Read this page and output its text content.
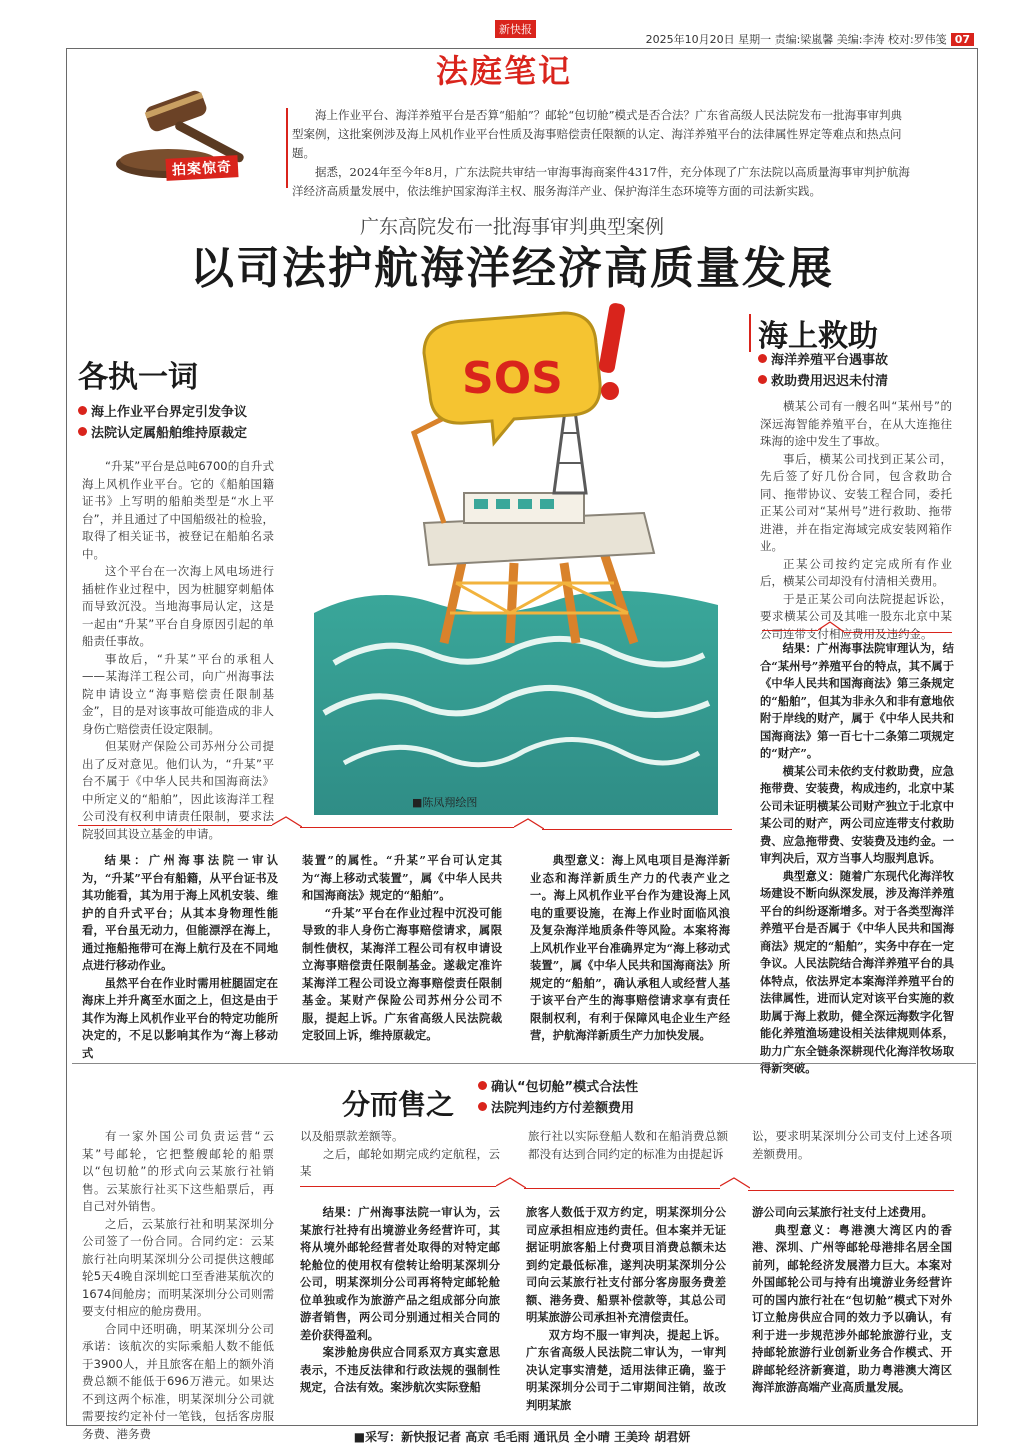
新快报
2025年10月20日 星期一 责编:梁嵐馨 美编:李涛 校对:罗伟笺 07
法庭笔记
拍案惊奇

海上作业平台、海洋养殖平台是否算“船舶”？邮轮“包切舱”模式是否合法？广东省高级人民法院发布一批海事审判典型案例，这批案例涉及海上风机作业平台性质及海事赔偿责任限额的认定、海洋养殖平台的法律属性界定等难点和热点问题。

据悉，2024年至今年8月，广东法院共审结一审海事海商案件4317件，充分体现了广东法院以高质量海事审判护航海洋经济高质量发展中，依法维护国家海洋主权、服务海洋产业、保护海洋生态环境等方面的司法新实践。

广东高院发布一批海事审判典型案例
以司法护航海洋经济高质量发展
各执一词
海上作业平台界定引发争议
法院认定属船舶维持原裁定

“升某”平台是总吨6700的自升式海上风机作业平台。它的《船舶国籍证书》上写明的船舶类型是“水上平台”，并且通过了中国船级社的检验，取得了相关证书，被登记在船舶名录中。

这个平台在一次海上风电场进行插桩作业过程中，因为桩腿穿刺船体而导致沉没。当地海事局认定，这是一起由“升某”平台自身原因引起的单船责任事故。

事故后，“升某”平台的承租人——某海洋工程公司，向广州海事法院申请设立“海事赔偿责任限制基金”，目的是对该事故可能造成的非人身伤亡赔偿责任设定限制。

但某财产保险公司苏州分公司提出了反对意见。他们认为，“升某”平台不属于《中华人民共和国海商法》中所定义的“船舶”，因此该海洋工程公司没有权利申请责任限制，要求法院驳回其设立基金的申请。

SOS
■陈凤翔绘图

结果：广州海事法院一审认为，“升某”平台有船籍，从平台证书及其功能看，其为用于海上风机安装、维护的自升式平台；从其本身物理性能看，平台虽无动力，但能漂浮在海上，通过拖船拖带可在海上航行及在不同地点进行移动作业。

虽然平台在作业时需用桩腿固定在海床上并升离至水面之上，但这是由于其作为海上风机作业平台的特定功能所决定的，不足以影响其作为“海上移动式

装置”的属性。“升某”平台可认定其为“海上移动式装置”，属《中华人民共和国海商法》规定的“船舶”。

“升某”平台在作业过程中沉没可能导致的非人身伤亡海事赔偿请求，属限制性债权，某海洋工程公司有权申请设立海事赔偿责任限制基金。遂裁定准许某海洋工程公司设立海事赔偿责任限制基金。某财产保险公司苏州分公司不服，提起上诉。广东省高级人民法院裁定驳回上诉，维持原裁定。

典型意义：海上风电项目是海洋新业态和海洋新质生产力的代表产业之一。海上风机作业平台作为建设海上风电的重要设施，在海上作业时面临风浪及复杂海洋地质条件等风险。本案将海上风机作业平台准确界定为“海上移动式装置”，属《中华人民共和国海商法》所规定的“船舶”，确认承租人或经营人基于该平台产生的海事赔偿请求享有责任限制权利，有利于保障风电企业生产经营，护航海洋新质生产力加快发展。

海上救助
海洋养殖平台遇事故
救助费用迟迟未付清

横某公司有一艘名叫“某州号”的深远海智能养殖平台，在从大连拖往珠海的途中发生了事故。

事后，横某公司找到正某公司，先后签了好几份合同，包含救助合同、拖带协议、安装工程合同，委托正某公司对“某州号”进行救助、拖带进港，并在指定海域完成安装网箱作业。

正某公司按约定完成所有作业后，横某公司却没有付清相关费用。

于是正某公司向法院提起诉讼，要求横某公司及其唯一股东北京中某公司连带支付相应费用及违约金。

结果：广州海事法院审理认为，结合“某州号”养殖平台的特点，其不属于《中华人民共和国海商法》第三条规定的“船舶”，但其为非永久和非有意地依附于岸线的财产，属于《中华人民共和国海商法》第一百七十二条第二项规定的“财产”。

横某公司未依约支付救助费，应急拖带费、安装费，构成违约，北京中某公司未证明横某公司财产独立于北京中某公司的财产，两公司应连带支付救助费、应急拖带费、安装费及违约金。一审判决后，双方当事人均服判息诉。

典型意义：随着广东现代化海洋牧场建设不断向纵深发展，涉及海洋养殖平台的纠纷逐渐增多。对于各类型海洋养殖平台是否属于《中华人民共和国海商法》规定的“船舶”，实务中存在一定争议。人民法院结合海洋养殖平台的具体特点，依法界定本案海洋养殖平台的法律属性，进而认定对该平台实施的救助属于海上救助，健全深远海数字化智能化养殖渔场建设相关法律规则体系，助力广东全链条深耕现代化海洋牧场取得新突破。

分而售之
确认“包切舱”模式合法性
法院判违约方付差额费用

有一家外国公司负责运营“云某”号邮轮，它把整艘邮轮的船票以“包切舱”的形式向云某旅行社销售。云某旅行社买下这些船票后，再自己对外销售。

之后，云某旅行社和明某深圳分公司签了一份合同。合同约定：云某旅行社向明某深圳分公司提供这艘邮轮5天4晚自深圳蛇口至香港某航次的1674间舱房；而明某深圳分公司则需要支付相应的舱房费用。

合同中还明确，明某深圳分公司承诺：该航次的实际乘船人数不能低于3900人，并且旅客在船上的额外消费总额不能低于696万港元。如果达不到这两个标准，明某深圳分公司就需要按约定补付一笔钱，包括客房服务费、港务费

以及船票款差额等。

之后，邮轮如期完成约定航程，云某

旅行社以实际登船人数和在船消费总额都没有达到合同约定的标准为由提起诉

讼，要求明某深圳分公司支付上述各项差额费用。

结果：广州海事法院一审认为，云某旅行社持有出境游业务经营许可，其将从境外邮轮经营者处取得的对特定邮轮舱位的使用权有偿转让给明某深圳分公司，明某深圳分公司再将特定邮轮舱位单独或作为旅游产品之组成部分向旅游者销售，两公司分别通过相关合同的差价获得盈利。

案涉舱房供应合同系双方真实意思表示，不违反法律和行政法规的强制性规定，合法有效。案涉航次实际登船

旅客人数低于双方约定，明某深圳分公司应承担相应违约责任。但本案并无证据证明旅客船上付费项目消费总额未达到约定最低标准，遂判决明某深圳分公司向云某旅行社支付部分客房服务费差额、港务费、船票补偿款等，其总公司明某旅游公司承担补充清偿责任。

双方均不服一审判决，提起上诉。广东省高级人民法院二审认为，一审判决认定事实清楚，适用法律正确，鉴于明某深圳分公司于二审期间注销，故改判明某旅

游公司向云某旅行社支付上述费用。

典型意义：粤港澳大湾区内的香港、深圳、广州等邮轮母港排名居全国前列，邮轮经济发展潜力巨大。本案对外国邮轮公司与持有出境游业务经营许可的国内旅行社在“包切舱”模式下对外订立舱房供应合同的效力予以确认，有利于进一步规范涉外邮轮旅游行业，支持邮轮旅游行业创新业务合作模式、开辟邮轮经济新赛道，助力粤港澳大湾区海洋旅游高端产业高质量发展。

■采写：新快报记者 高京 毛毛雨 通讯员 全小晴 王美玲 胡君妍
